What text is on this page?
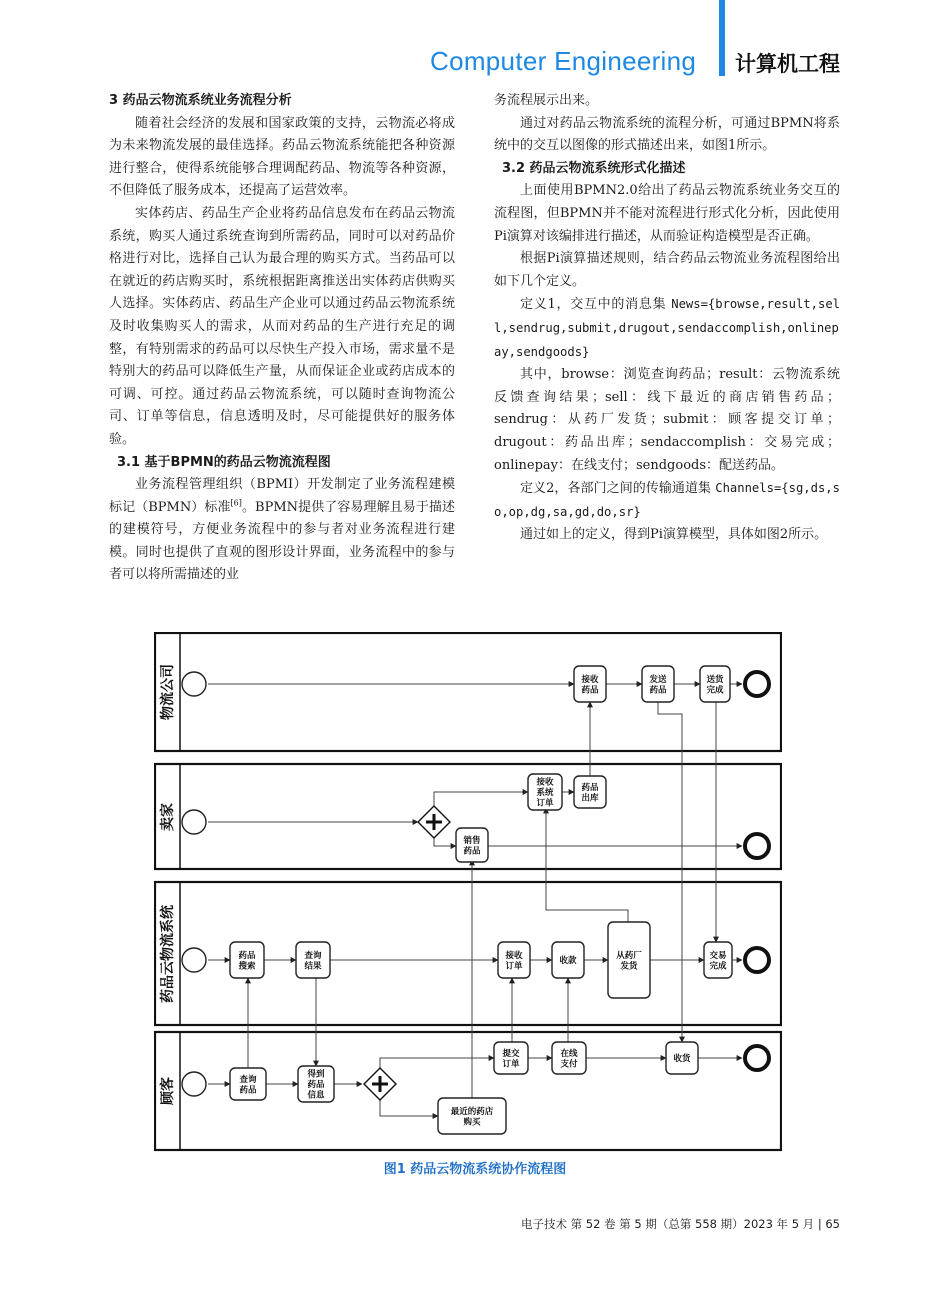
Computer Engineering 计算机工程

3 药品云物流系统业务流程分析

随着社会经济的发展和国家政策的支持，云物流必将成为未来物流发展的最佳选择。药品云物流系统能把各种资源进行整合，使得系统能够合理调配药品、物流等各种资源，不但降低了服务成本，还提高了运营效率。

实体药店、药品生产企业将药品信息发布在药品云物流系统，购买人通过系统查询到所需药品，同时可以对药品价格进行对比，选择自己认为最合理的购买方式。当药品可以在就近的药店购买时，系统根据距离推送出实体药店供购买人选择。实体药店、药品生产企业可以通过药品云物流系统及时收集购买人的需求，从而对药品的生产进行充足的调整，有特别需求的药品可以尽快生产投入市场，需求量不是特别大的药品可以降低生产量，从而保证企业或药店成本的可调、可控。通过药品云物流系统，可以随时查询物流公司、订单等信息，信息透明及时，尽可能提供好的服务体验。

3.1 基于BPMN的药品云物流流程图

业务流程管理组织（BPMI）开发制定了业务流程建模标记（BPMN）标准[6]。BPMN提供了容易理解且易于描述的建模符号，方便业务流程中的参与者对业务流程进行建模。同时也提供了直观的图形设计界面，业务流程中的参与者可以将所需描述的业

务流程展示出来。

通过对药品云物流系统的流程分析，可通过BPMN将系统中的交互以图像的形式描述出来，如图1所示。

3.2 药品云物流系统形式化描述

上面使用BPMN2.0给出了药品云物流系统业务交互的流程图，但BPMN并不能对流程进行形式化分析，因此使用Pi演算对该编排进行描述，从而验证构造模型是否正确。

根据Pi演算描述规则，结合药品云物流业务流程图给出如下几个定义。

定义1，交互中的消息集 News={browse,result,sell,sendrug,submit,drugout,sendaccomplish,onlinepay,sendgoods}

其中，browse：浏览查询药品；result：云物流系统反馈查询结果；sell：线下最近的商店销售药品；sendrug：从药厂发货；submit：顾客提交订单；drugout：药品出库；sendaccomplish：交易完成；onlinepay：在线支付；sendgoods：配送药品。

定义2，各部门之间的传输通道集 Channels={sg,ds,so,op,dg,sa,gd,do,sr}

通过如上的定义，得到Pi演算模型，具体如图2所示。

物流公司
卖家
药品云物流系统
顾客
接收
药品
发送
药品
送货
完成
接收
系统
订单
药品
出库
销售
药品
药品
搜索
查询
结果
接收
订单
收款
从药厂
发货
交易
完成
查询
药品
得到
药品
信息
提交
订单
在线
支付
收货
最近的药店
购买
图1 药品云物流系统协作流程图
电子技术 第 52 卷 第 5 期（总第 558 期）2023 年 5 月 | 65
